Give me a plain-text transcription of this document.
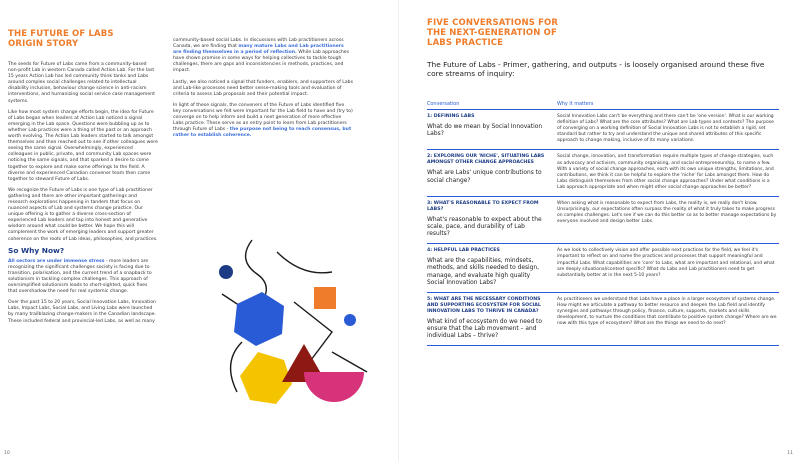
THE FUTURE OF LABS
ORIGIN STORY

The seeds for Future of Labs came from a community-based non-profit Lab in western Canada called Action Lab. For the last 15 years Action Lab has led community think tanks and Labs around complex social challenges related to intellectual disability inclusion, behaviour change science in anti-racism interventions, and humanizing social service case management systems.

Like how most system change efforts begin, the idea for Future of Labs began when leaders at Action Lab noticed a signal emerging in the Lab space. Questions were bubbling up as to whether Lab practices were a thing of the past or an approach worth evolving. The Action Lab leaders started to talk amongst themselves and then reached out to see if other colleagues were seeing the same signal. Overwhelmingly, experienced colleagues in public, private, and community Lab spaces were noticing the same signals, and that sparked a desire to come together to explore and make some offerings to the field. A diverse and experienced Canadian convener team then came together to steward Future of Labs.

We recognize the Future of Labs is one type of Lab practitioner gathering and there are other important gatherings and research explorations happening in tandem that focus on nuanced aspects of Lab and systems change practice. Our unique offering is to gather a diverse cross-section of experienced Lab leaders and tap into honest and generative wisdom around what could be better. We hope this will complement the work of emerging leaders and support greater coherence on the roots of Lab ideas, philosophies, and practices.

So Why Now?

All sectors are under immense stress - more leaders are recognizing the significant challenges society is facing due to transition, polarisation, and the current trend of a snapback to solutionism in tackling complex challenges. This approach of oversimplified solutionism leads to short-sighted, quick fixes that overshadow the need for real systemic change.

Over the past 15 to 20 years, Social Innovation Labs, Innovation Labs, Impact Labs, Social Labs, and Living Labs were launched by many trailblazing change-makers in the Canadian landscape. These included federal and provincial-led Labs, as well as many

community-based social Labs. In discussions with Lab practitioners across Canada, we are finding that many mature Labs and Lab practitioners are finding themselves in a period of reflection. While Lab approaches have shown promise in some ways for helping collectives to tackle tough challenges, there are gaps and inconsistencies in methods, practices, and impact.

Lastly, we also noticed a signal that funders, enablers, and supporters of Labs and Lab-like processes need better sense-making tools and evaluation of criteria to assess Lab proposals and their potential impact.

In light of these signals, the conveners of the Future of Labs identified five key conversations we felt were important for the Lab field to have and (try to) converge on to help inform and build a next generation of more effective Labs practice. These serve as an entry point to learn from Lab practitioners through Future of Labs - the purpose not being to reach consensus, but rather to establish coherence.

10
FIVE CONVERSATIONS FOR
THE NEXT-GENERATION OF
LABS PRACTICE
The Future of Labs - Primer, gathering, and outputs - is loosely organised around these five core streams of inquiry:
Conversation	Why it matters
1: DEFINING LABS
What do we mean by Social Innovation Labs?
Social Innovation Labs can't be everything and there can't be 'one version'. What is our working definition of Labs? What are the core attributes? What are Lab types and contexts? The purpose of converging on a working definition of Social Innovation Labs is not to establish a rigid, set standard but rather to try and understand the unique and shared attributes of this specific approach to change making, inclusive of its many variations.
2: EXPLORING OUR 'NICHE', SITUATING LABS AMONGST OTHER CHANGE APPROACHES
What are Labs' unique contributions to social change?
Social change, innovation, and transformation require multiple types of change strategies, such as advocacy and activism, community organising, and social entrepreneurship, to name a few. With a variety of social change approaches, each with its own unique strengths, limitations, and contributions, we think it can be helpful to explore the 'niche' for Labs amongst them. How do Labs distinguish themselves from other social change approaches? Under what conditions is a Lab approach appropriate and when might other social change approaches be better?
3: WHAT'S REASONABLE TO EXPECT FROM LABS?
What's reasonable to expect about the scale, pace, and durability of Lab results?
When asking what is reasonable to expect from Labs, the reality is, we really don't know. Unsurprisingly, our expectations often surpass the reality of what it truly takes to make progress on complex challenges. Let's see if we can do this better so as to better manage expectations by everyone involved and design better Labs.
4: HELPFUL LAB PRACTICES
What are the capabilities, mindsets, methods, and skills needed to design, manage, and evaluate high quality Social Innovation Labs?
As we look to collectively vision and offer possible next practices for the field, we feel it's important to reflect on and name the practices and processes that support meaningful and impactful Labs. What capabilities are 'core' to Labs, what are important and relational, and what are deeply situational/context specific? What do Labs and Lab practitioners need to get substantially better at in the next 5-10 years?
5: WHAT ARE THE NECESSARY CONDITIONS AND SUPPORTING ECOSYSTEM FOR SOCIAL INNOVATION LABS TO THRIVE IN CANADA?
What kind of ecosystem do we need to ensure that the Lab movement – and individual Labs – thrive?
As practitioners we understand that Labs have a place in a larger ecosystem of systems change. How might we articulate a pathway to better resource and deepen the Lab field and identify synergies and pathways through policy, finance, culture, supports, markets and skills development, to nurture the conditions that contribute to positive system change? Where are we now with this type of ecosystem? What are the things we need to do next?
11
